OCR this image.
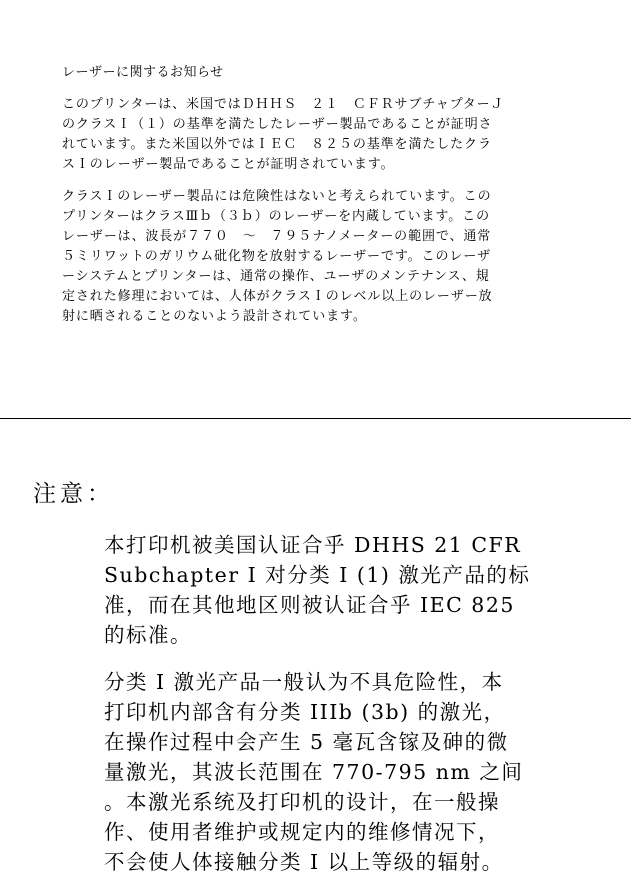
レーザーに関するお知らせ
このプリンターは、米国ではＤＨＨＳ　２１　ＣＦＲサブチャプターＪ
のクラスＩ（１）の基準を満たしたレーザー製品であることが証明さ
れています。また米国以外ではＩＥＣ　８２５の基準を満たしたクラ
スＩのレーザー製品であることが証明されています。
クラスＩのレーザー製品には危険性はないと考えられています。この
プリンターはクラスⅢｂ（３ｂ）のレーザーを内蔵しています。この
レーザーは、波長が７７０　～　７９５ナノメーターの範囲で、通常
５ミリワットのガリウム砒化物を放射するレーザーです。このレーザ
ーシステムとプリンターは、通常の操作、ユーザのメンテナンス、規
定された修理においては、人体がクラスＩのレベル以上のレーザー放
射に晒されることのないよう設計されています。
注意：
本打印机被美国认证合乎 DHHS 21 CFR
Subchapter I 对分类 I (1) 激光产品的标
准，而在其他地区则被认证合乎 IEC 825
的标准。
分类 I 激光产品一般认为不具危险性，本
打印机内部含有分类 IIIb (3b) 的激光，
在操作过程中会产生 5 毫瓦含镓及砷的微
量激光，其波长范围在 770-795 nm 之间
。本激光系统及打印机的设计，在一般操
作、使用者维护或规定内的维修情况下，
不会使人体接触分类 I 以上等级的辐射。
